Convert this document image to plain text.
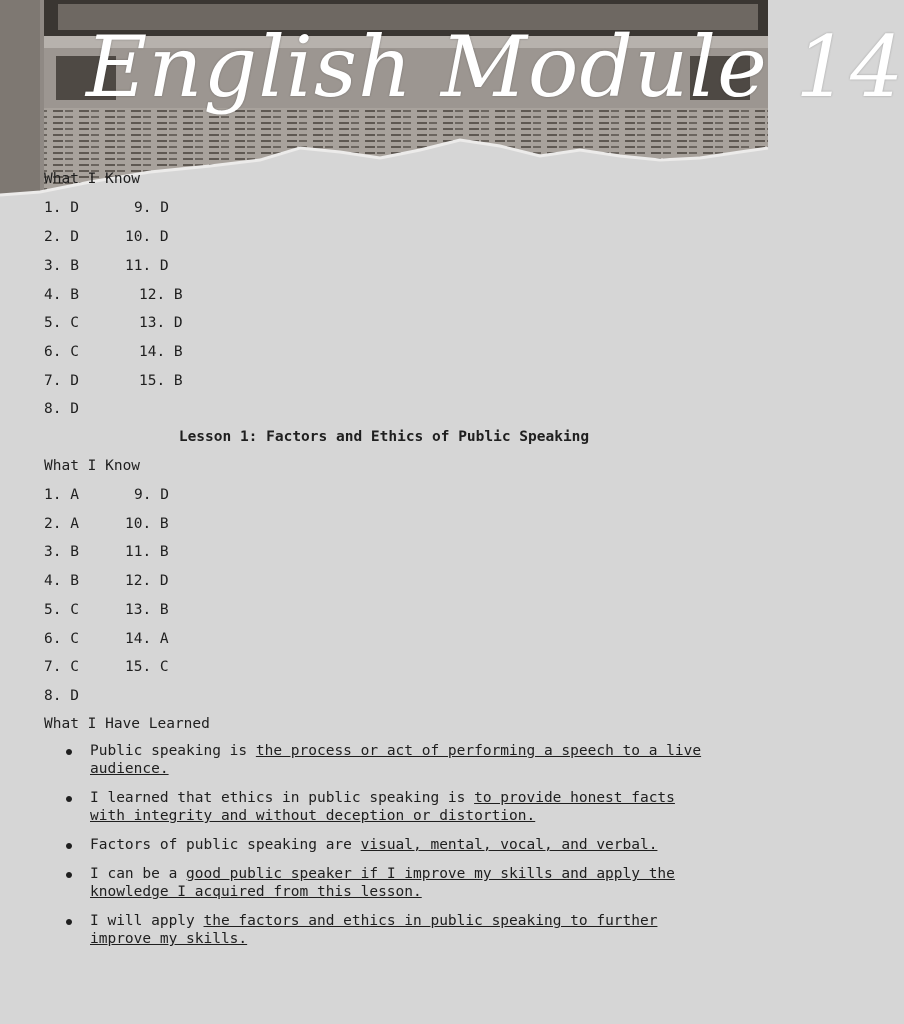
English Module 14
What I Know
1. D	9. D
2. D	10. D
3. B	11. D
4. B	12. B
5. C	13. D
6. C	14. B
7. D	15. B
8. D
Lesson 1: Factors and Ethics of Public Speaking
What I Know
1. A	9. D
2. A	10. B
3. B	11. B
4. B	12. D
5. C	13. B
6. C	14. A
7. C	15. C
8. D
What I Have Learned
Public speaking is the process or act of performing a speech to a live audience.
I learned that ethics in public speaking is to provide honest facts with integrity and without deception or distortion.
Factors of public speaking are visual, mental, vocal, and verbal.
I can be a good public speaker if I improve my skills and apply the knowledge I acquired from this lesson.
I will apply the factors and ethics in public speaking to further improve my skills.
